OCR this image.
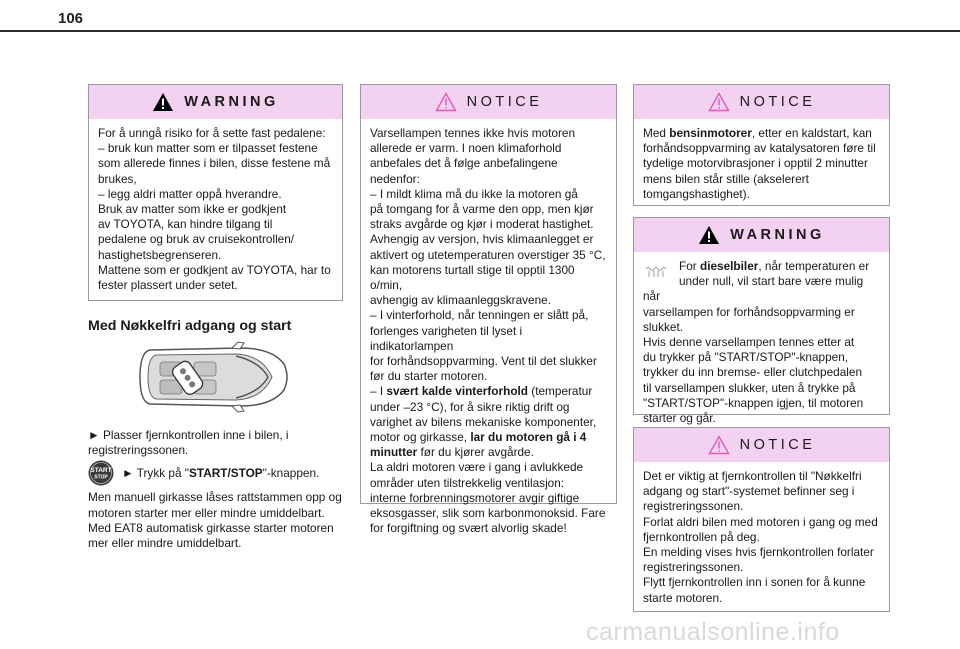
106
WARNING

For å unngå risiko for å sette fast pedalene:

– bruk kun matter som er tilpasset festene

som allerede finnes i bilen, disse festene må

brukes,

– legg aldri matter oppå hverandre.

Bruk av matter som ikke er godkjent

av TOYOTA, kan hindre tilgang til

pedalene og bruk av cruisekontrollen/

hastighetsbegrenseren.

Mattene som er godkjent av TOYOTA, har to

fester plassert under setet.

Med Nøkkelfri adgang og start
► Plasser fjernkontrollen inne i bilen, i
registreringssonen.
START
STOP ► Trykk på "START/STOP"-knappen.
Men manuell girkasse låses rattstammen opp og
motoren starter mer eller mindre umiddelbart.
Med EAT8 automatisk girkasse starter motoren
mer eller mindre umiddelbart.
NOTICE

Varsellampen tennes ikke hvis motoren

allerede er varm. I noen klimaforhold

anbefales det å følge anbefalingene nedenfor:

– I mildt klima må du ikke la motoren gå

på tomgang for å varme den opp, men kjør

straks avgårde og kjør i moderat hastighet.

Avhengig av versjon, hvis klimaanlegget er

aktivert og utetemperaturen overstiger 35 °C,

kan motorens turtall stige til opptil 1300 o/min,

avhengig av klimaanleggskravene.

– I vinterforhold, når tenningen er slått på,

forlenges varigheten til lyset i indikatorlampen

for forhåndsoppvarming. Vent til det slukker

før du starter motoren.

– I svært kalde vinterforhold (temperatur

under –23 °C), for å sikre riktig drift og

varighet av bilens mekaniske komponenter,

motor og girkasse, lar du motoren gå i 4

minutter før du kjører avgårde.

La aldri motoren være i gang i avlukkede

områder uten tilstrekkelig ventilasjon:

interne forbrenningsmotorer avgir giftige

eksosgasser, slik som karbonmonoksid. Fare

for forgiftning og svært alvorlig skade!

NOTICE

Med bensinmotorer, etter en kaldstart, kan

forhåndsoppvarming av katalysatoren føre til

tydelige motorvibrasjoner i opptil 2 minutter

mens bilen står stille (akselerert

tomgangshastighet).

WARNING

For dieselbiler, når temperaturen er

under null, vil start bare være mulig når

varsellampen for forhåndsoppvarming er

slukket.

Hvis denne varsellampen tennes etter at

du trykker på "START/STOP"-knappen,

trykker du inn bremse- eller clutchpedalen

til varsellampen slukker, uten å trykke på

"START/STOP"-knappen igjen, til motoren

starter og går.

NOTICE

Det er viktig at fjernkontrollen til "Nøkkelfri

adgang og start"-systemet befinner seg i

registreringssonen.

Forlat aldri bilen med motoren i gang og med

fjernkontrollen på deg.

En melding vises hvis fjernkontrollen forlater

registreringssonen.

Flytt fjernkontrollen inn i sonen for å kunne

starte motoren.

carmanualsonline.info
